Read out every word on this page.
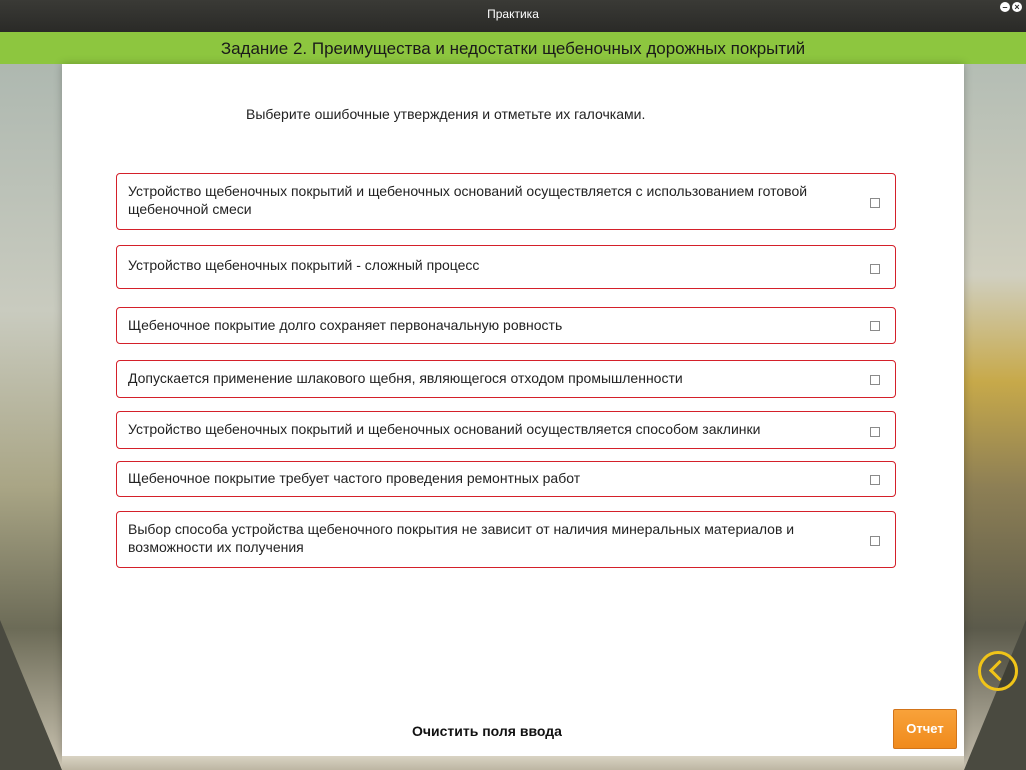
Практика	– ×
Задание 2. Преимущества и недостатки щебеночных дорожных покрытий
Выберите ошибочные утверждения и отметьте их галочками.
Устройство щебеночных покрытий и щебеночных оснований осуществляется с использованием готовой щебеночной смеси
Устройство щебеночных покрытий - сложный процесс
Щебеночное покрытие долго сохраняет первоначальную ровность
Допускается применение шлакового щебня, являющегося отходом промышленности
Устройство щебеночных покрытий и щебеночных оснований осуществляется способом заклинки
Щебеночное покрытие требует частого проведения ремонтных работ
Выбор способа устройства щебеночного покрытия не зависит от наличия минеральных материалов и возможности их получения
Очистить поля ввода	Отчет
